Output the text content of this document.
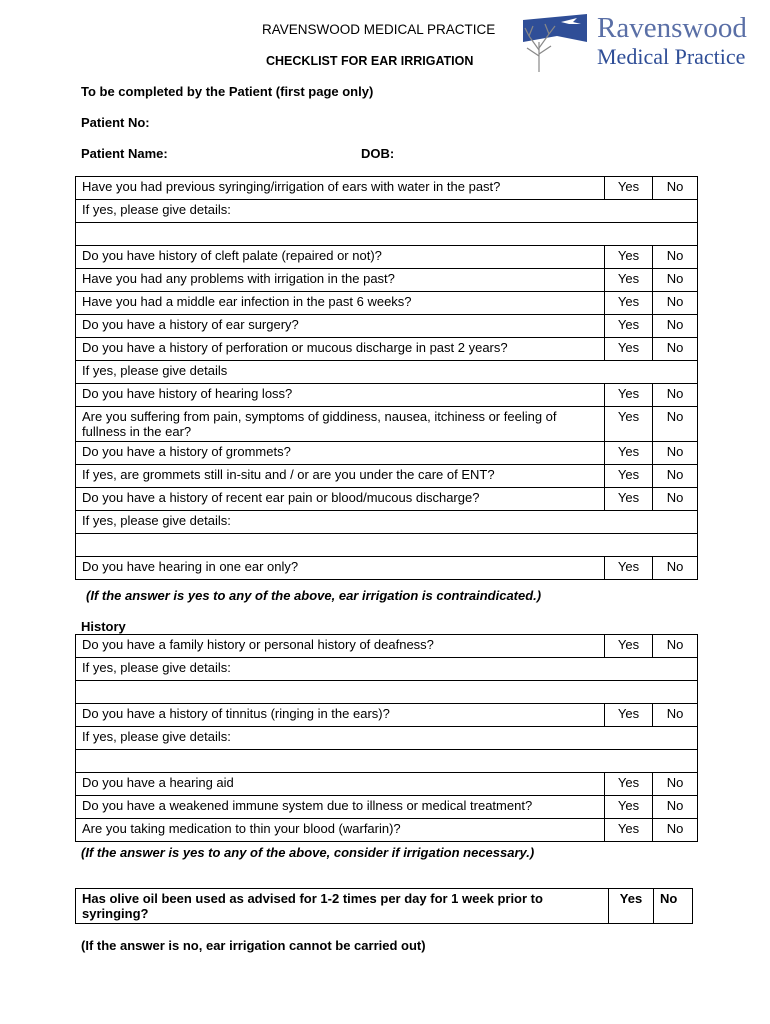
RAVENSWOOD MEDICAL PRACTICE
CHECKLIST FOR EAR IRRIGATION
Ravenswood
Medical Practice
To be completed by the Patient (first page only)
Patient No:
Patient Name:	DOB:
Have you had previous syringing/irrigation of ears with water in the past?	Yes	No
If yes, please give details:		

Do you have history of cleft palate (repaired or not)?	Yes	No
Have you had any problems with irrigation in the past?	Yes	No
Have you had a middle ear infection in the past 6 weeks?	Yes	No
Do you have a history of ear surgery?	Yes	No
Do you have a history of perforation or mucous discharge in past 2 years?	Yes	No
If yes, please give details		
Do you have history of hearing loss?	Yes	No
Are you suffering from pain, symptoms of giddiness, nausea, itchiness or feeling of fullness in the ear?	Yes	No
Do you have a history of grommets?	Yes	No
If yes, are grommets still in-situ and / or are you under the care of ENT?	Yes	No
Do you have a history of recent ear pain or blood/mucous discharge?	Yes	No
If yes, please give details:		

Do you have hearing in one ear only?	Yes	No
(If the answer is yes to any of the above, ear irrigation is contraindicated.)
History
Do you have a family history or personal history of deafness?	Yes	No
If yes, please give details:		

Do you have a history of tinnitus (ringing in the ears)?	Yes	No
If yes, please give details:		

Do you have a hearing aid	Yes	No
Do you have a weakened immune system due to illness or medical treatment?	Yes	No
Are you taking medication to thin your blood (warfarin)?	Yes	No
(If the answer is yes to any of the above, consider if irrigation necessary.)
Has olive oil been used as advised for 1-2 times per day for 1 week prior to syringing?	Yes	No
(If the answer is no, ear irrigation cannot be carried out)
